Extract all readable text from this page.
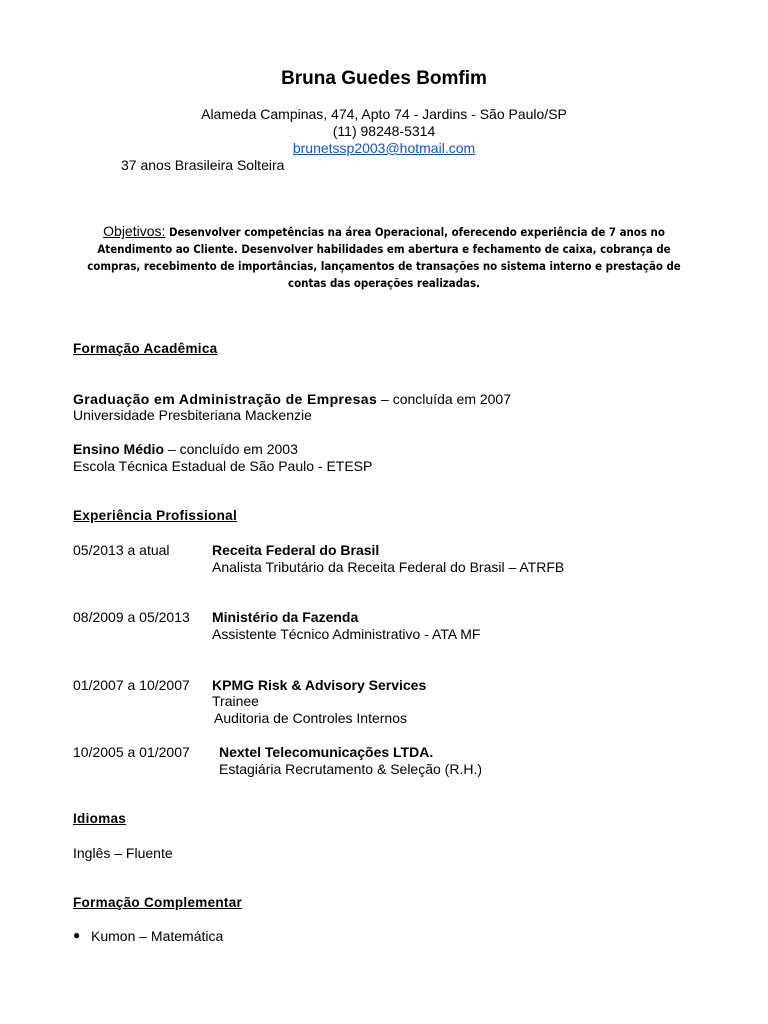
Bruna Guedes Bomfim
Alameda Campinas, 474, Apto 74 - Jardins - São Paulo/SP
(11) 98248-5314
brunetssp2003@hotmail.com
37 anos Brasileira Solteira
Objetivos: Desenvolver competências na área Operacional, oferecendo experiência de 7 anos no Atendimento ao Cliente. Desenvolver habilidades em abertura e fechamento de caixa, cobrança de compras, recebimento de importâncias, lançamentos de transações no sistema interno e prestação de contas das operações realizadas.
Formação Acadêmica
Graduação em Administração de Empresas – concluída em 2007
Universidade Presbiteriana Mackenzie
Ensino Médio – concluído em 2003
Escola Técnica Estadual de São Paulo - ETESP
Experiência Profissional
05/2013 a atual	Receita Federal do Brasil
Analista Tributário da Receita Federal do Brasil – ATRFB
08/2009 a 05/2013 Ministério da Fazenda
Assistente Técnico Administrativo - ATA MF
01/2007 a 10/2007 KPMG Risk & Advisory Services
Trainee
Auditoria de Controles Internos
10/2005 a 01/2007 Nextel Telecomunicações LTDA.
Estagiária Recrutamento & Seleção (R.H.)
Idiomas
Inglês – Fluente
Formação Complementar
● Kumon – Matemática
